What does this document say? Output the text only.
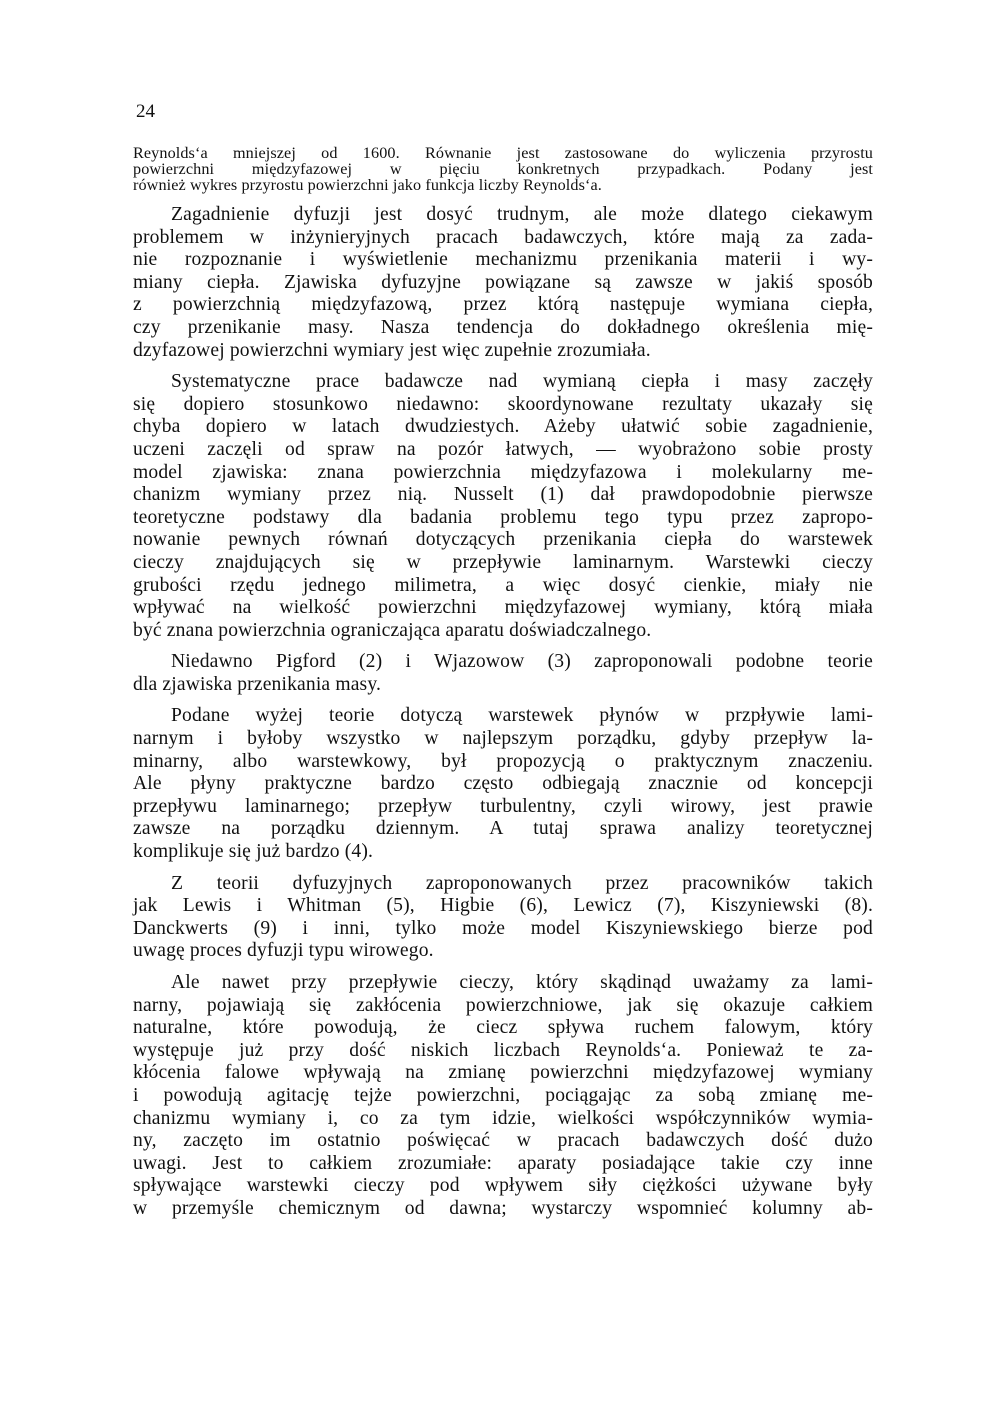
24
Reynolds‘a mniejszej od 1600. Równanie jest zastosowane do wyliczenia przyrostu
powierzchni międzyfazowej w pięciu konkretnych przypadkach. Podany jest
również wykres przyrostu powierzchni jako funkcja liczby Reynolds‘a.
Zagadnienie dyfuzji jest dosyć trudnym, ale może dlatego ciekawym
problemem w inżynieryjnych pracach badawczych, które mają za zada-
nie rozpoznanie i wyświetlenie mechanizmu przenikania materii i wy-
miany ciepła. Zjawiska dyfuzyjne powiązane są zawsze w jakiś sposób
z powierzchnią międzyfazową, przez którą następuje wymiana ciepła,
czy przenikanie masy. Nasza tendencja do dokładnego określenia mię-
dzyfazowej powierzchni wymiary jest więc zupełnie zrozumiała.
Systematyczne prace badawcze nad wymianą ciepła i masy zaczęły
się dopiero stosunkowo niedawno: skoordynowane rezultaty ukazały się
chyba dopiero w latach dwudziestych. Ażeby ułatwić sobie zagadnienie,
uczeni zaczęli od spraw na pozór łatwych, — wyobrażono sobie prosty
model zjawiska: znana powierzchnia międzyfazowa i molekularny me-
chanizm wymiany przez nią. Nusselt (1) dał prawdopodobnie pierwsze
teoretyczne podstawy dla badania problemu tego typu przez zapropo-
nowanie pewnych równań dotyczących przenikania ciepła do warstewek
cieczy znajdujących się w przepływie laminarnym. Warstewki cieczy
grubości rzędu jednego milimetra, a więc dosyć cienkie, miały nie
wpływać na wielkość powierzchni międzyfazowej wymiany, którą miała
być znana powierzchnia ograniczająca aparatu doświadczalnego.
Niedawno Pigford (2) i Wjazowow (3) zaproponowali podobne teorie
dla zjawiska przenikania masy.
Podane wyżej teorie dotyczą warstewek płynów w przpływie lami-
narnym i byłoby wszystko w najlepszym porządku, gdyby przepływ la-
minarny, albo warstewkowy, był propozycją o praktycznym znaczeniu.
Ale płyny praktyczne bardzo często odbiegają znacznie od koncepcji
przepływu laminarnego; przepływ turbulentny, czyli wirowy, jest prawie
zawsze na porządku dziennym. A tutaj sprawa analizy teoretycznej
komplikuje się już bardzo (4).
Z teorii dyfuzyjnych zaproponowanych przez pracowników takich
jak Lewis i Whitman (5), Higbie (6), Lewicz (7), Kiszyniewski (8).
Danckwerts (9) i inni, tylko może model Kiszyniewskiego bierze pod
uwagę proces dyfuzji typu wirowego.
Ale nawet przy przepływie cieczy, który skądinąd uważamy za lami-
narny, pojawiają się zakłócenia powierzchniowe, jak się okazuje całkiem
naturalne, które powodują, że ciecz spływa ruchem falowym, który
występuje już przy dość niskich liczbach Reynolds‘a. Ponieważ te za-
kłócenia falowe wpływają na zmianę powierzchni międzyfazowej wymiany
i powodują agitację tejże powierzchni, pociągając za sobą zmianę me-
chanizmu wymiany i, co za tym idzie, wielkości współczynników wymia-
ny, zaczęto im ostatnio poświęcać w pracach badawczych dość dużo
uwagi. Jest to całkiem zrozumiałe: aparaty posiadające takie czy inne
spływające warstewki cieczy pod wpływem siły ciężkości używane były
w przemyśle chemicznym od dawna; wystarczy wspomnieć kolumny ab-
